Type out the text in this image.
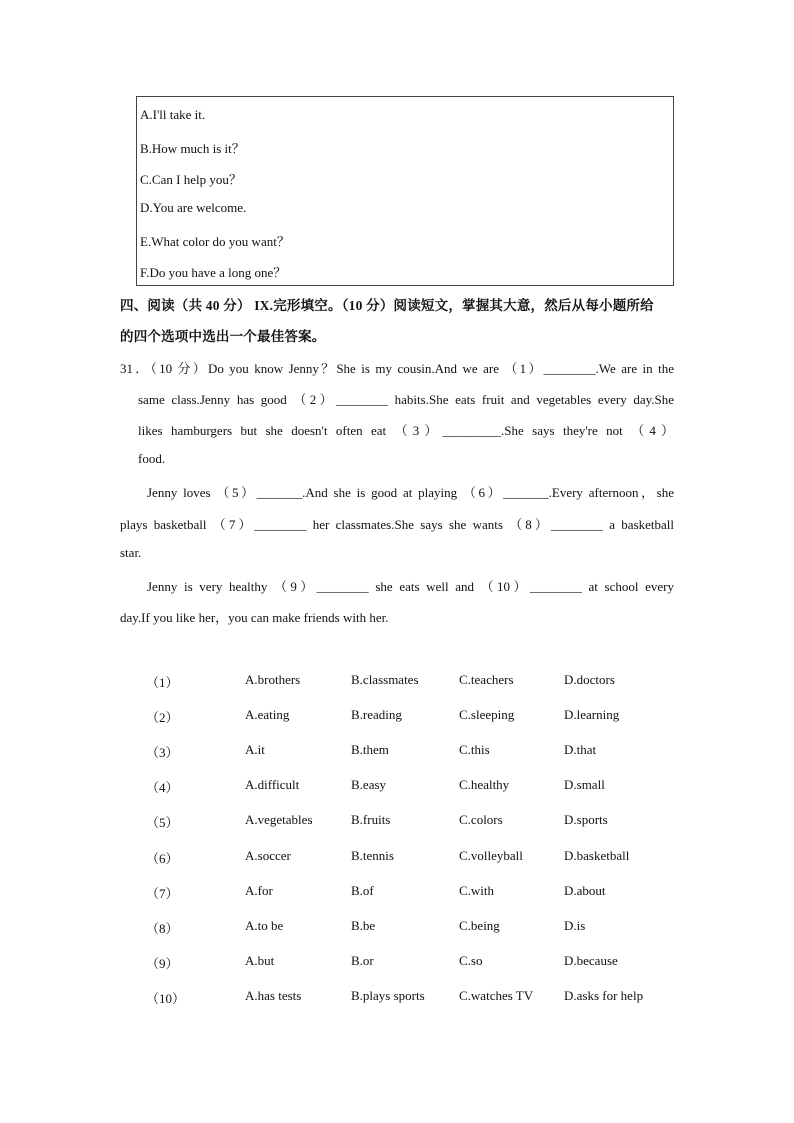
A.I'll take it.
B.How much is it？
C.Can I help you？
D.You are welcome.
E.What color do you want？
F.Do you have a long one？
四、阅读（共 40 分） IX.完形填空。（10 分）阅读短文，掌握其大意，然后从每小题所给
的四个选项中选出一个最佳答案。
31．（10 分）Do you know Jenny？She is my cousin.And we are （1）________.We are in the
same class.Jenny has good （2）________ habits.She eats fruit and vegetables every day.She
likes hamburgers but she doesn't often eat （3）_________.She says they're not （4）
food.
Jenny loves （5）_______.And she is good at playing （6）_______.Every afternoon，she
plays basketball （7）________ her classmates.She says she wants （8）________ a basketball
star.
Jenny is very healthy （9）________ she eats well and （10）________ at school every
day.If you like her，you can make friends with her.
（1）	A.brothers	B.classmates	C.teachers	D.doctors
（2）	A.eating	B.reading	C.sleeping	D.learning
（3）	A.it	B.them	C.this	D.that
（4）	A.difficult	B.easy	C.healthy	D.small
（5）	A.vegetables	B.fruits	C.colors	D.sports
（6）	A.soccer	B.tennis	C.volleyball	D.basketball
（7）	A.for	B.of	C.with	D.about
（8）	A.to be	B.be	C.being	D.is
（9）	A.but	B.or	C.so	D.because
（10）	A.has tests	B.plays sports	C.watches TV D.asks for help
